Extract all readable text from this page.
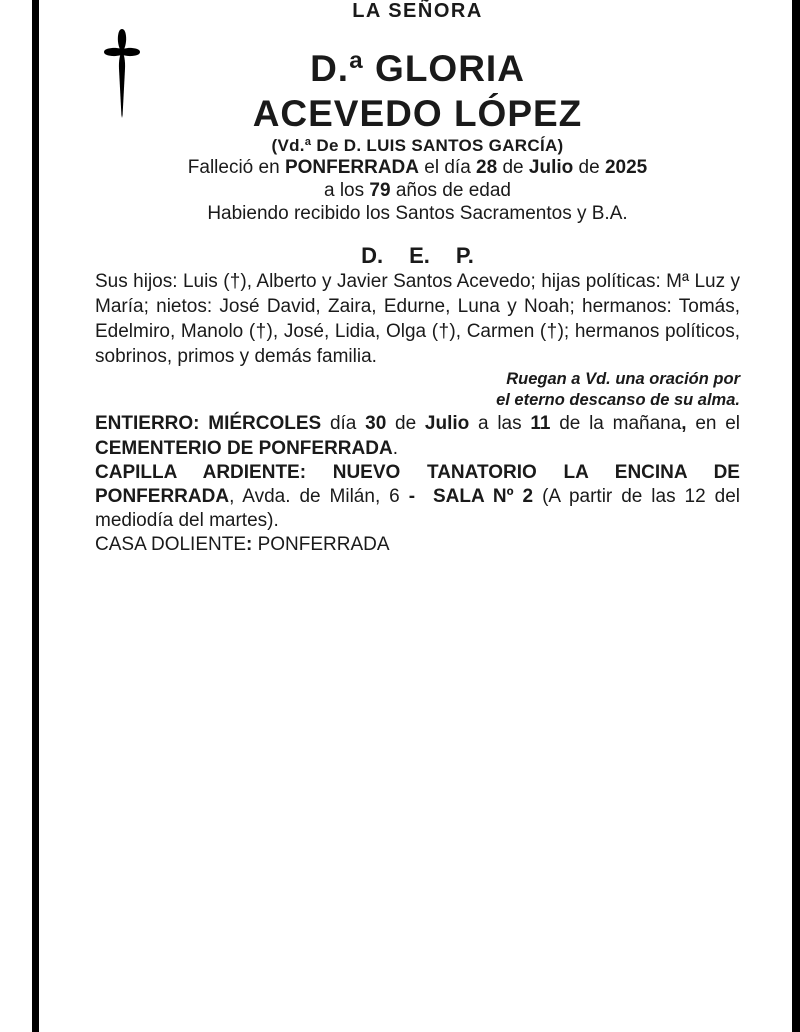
LA SEÑORA

D.ª GLORIA

ACEVEDO LÓPEZ

(Vd.ª De D. LUIS SANTOS GARCÍA)

Falleció en PONFERRADA el día 28 de Julio de 2025

a los 79 años de edad

Habiendo recibido los Santos Sacramentos y B.A.

D. E. P.

Sus hijos: Luis (†), Alberto y Javier Santos Acevedo; hijas políticas: Mª Luz y María; nietos: José David, Zaira, Edurne, Luna y Noah; hermanos: Tomás, Edelmiro, Manolo (†), José, Lidia, Olga (†), Carmen (†); hermanos políticos, sobrinos, primos y demás familia.

Ruegan a Vd. una oración por
el eterno descanso de su alma.

ENTIERRO: MIÉRCOLES día 30 de Julio a las 11 de la mañana, en el CEMENTERIO DE PONFERRADA.

CAPILLA ARDIENTE: NUEVO TANATORIO LA ENCINA DE PONFERRADA, Avda. de Milán, 6 -  SALA Nº 2 (A partir de las 12 del mediodía del martes).

CASA DOLIENTE: PONFERRADA
